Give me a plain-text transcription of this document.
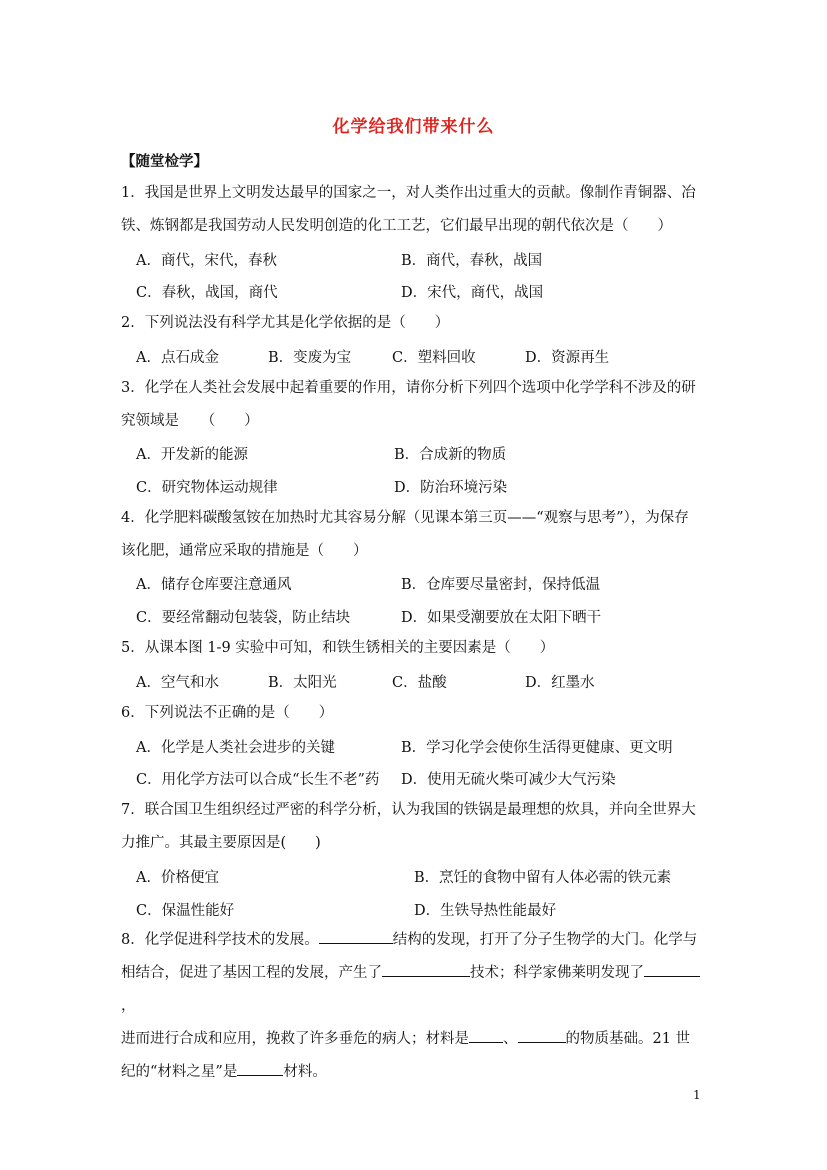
化学给我们带来什么
【随堂检学】
1．我国是世界上文明发达最早的国家之一，对人类作出过重大的贡献。像制作青铜器、冶
铁、炼钢都是我国劳动人民发明创造的化工工艺，它们最早出现的朝代依次是（　　）
A．商代，宋代，春秋	B．商代，春秋，战国
C．春秋，战国，商代	D．宋代，商代，战国
2．下列说法没有科学尤其是化学依据的是（　　）
A．点石成金	B．变废为宝	C．塑料回收	D．资源再生
3．化学在人类社会发展中起着重要的作用，请你分析下列四个选项中化学学科不涉及的研
究领域是　　（　　）
A．开发新的能源	B．合成新的物质
C．研究物体运动规律	D．防治环境污染
4．化学肥料碳酸氢铵在加热时尤其容易分解（见课本第三页——“观察与思考”），为保存
该化肥，通常应采取的措施是（　　）
A．储存仓库要注意通风	B．仓库要尽量密封，保持低温
C．要经常翻动包装袋，防止结块	D．如果受潮要放在太阳下晒干
5．从课本图 1-9 实验中可知，和铁生锈相关的主要因素是（　　）
A．空气和水	B．太阳光	C．盐酸	D．红墨水
6．下列说法不正确的是（　　）
A．化学是人类社会进步的关键	B．学习化学会使你生活得更健康、更文明
C．用化学方法可以合成“长生不老”药 D．使用无硫火柴可减少大气污染
7．联合国卫生组织经过严密的科学分析，认为我国的铁锅是最理想的炊具，并向全世界大
力推广。其最主要原因是(　　)
A．价格便宜	B．烹饪的食物中留有人体必需的铁元素
C．保温性能好	D．生铁导热性能最好
8．化学促进科学技术的发展。	结构的发现，打开了分子生物学的大门。化学与
相结合，促进了基因工程的发展，产生了	技术；科学家佛莱明发现了，
进而进行合成和应用，挽救了许多垂危的病人；材料是 、	的物质基础。21 世
纪的“材料之星”是	材料。
1
